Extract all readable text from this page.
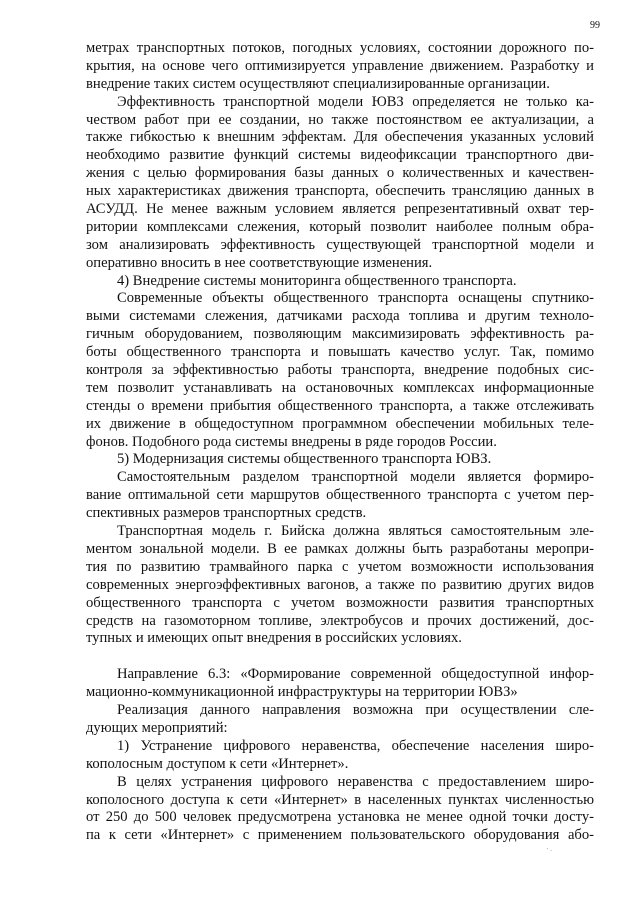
99
метрах транспортных потоков, погодных условиях, состоянии дорожного по-
крытия, на основе чего оптимизируется управление движением. Разработку и
внедрение таких систем осуществляют специализированные организации.
Эффективность транспортной модели ЮВЗ определяется не только ка-
чеством работ при ее создании, но также постоянством ее актуализации, а
также гибкостью к внешним эффектам. Для обеспечения указанных условий
необходимо развитие функций системы видеофиксации транспортного дви-
жения с целью формирования базы данных о количественных и качествен-
ных характеристиках движения транспорта, обеспечить трансляцию данных в
АСУДД. Не менее важным условием является репрезентативный охват тер-
ритории комплексами слежения, который позволит наиболее полным обра-
зом анализировать эффективность существующей транспортной модели и
оперативно вносить в нее соответствующие изменения.
4) Внедрение системы мониторинга общественного транспорта.
Современные объекты общественного транспорта оснащены спутнико-
выми системами слежения, датчиками расхода топлива и другим техноло-
гичным оборудованием, позволяющим максимизировать эффективность ра-
боты общественного транспорта и повышать качество услуг. Так, помимо
контроля за эффективностью работы транспорта, внедрение подобных сис-
тем позволит устанавливать на остановочных комплексах информационные
стенды о времени прибытия общественного транспорта, а также отслеживать
их движение в общедоступном программном обеспечении мобильных теле-
фонов. Подобного рода системы внедрены в ряде городов России.
5) Модернизация системы общественного транспорта ЮВЗ.
Самостоятельным разделом транспортной модели является формиро-
вание оптимальной сети маршрутов общественного транспорта с учетом пер-
спективных размеров транспортных средств.
Транспортная модель г. Бийска должна являться самостоятельным эле-
ментом зональной модели. В ее рамках должны быть разработаны меропри-
тия по развитию трамвайного парка с учетом возможности использования
современных энергоэффективных вагонов, а также по развитию других видов
общественного транспорта с учетом возможности развития транспортных
средств на газомоторном топливе, электробусов и прочих достижений, дос-
тупных и имеющих опыт внедрения в российских условиях.
Направление 6.3: «Формирование современной общедоступной инфор-
мационно-коммуникационной инфраструктуры на территории ЮВЗ»
Реализация данного направления возможна при осуществлении сле-
дующих мероприятий:
1) Устранение цифрового неравенства, обеспечение населения широ-
кополосным доступом к сети «Интернет».
В целях устранения цифрового неравенства с предоставлением широ-
кополосного доступа к сети «Интернет» в населенных пунктах численностью
от 250 до 500 человек предусмотрена установка не менее одной точки досту-
па к сети «Интернет» с применением пользовательского оборудования або-
· .
